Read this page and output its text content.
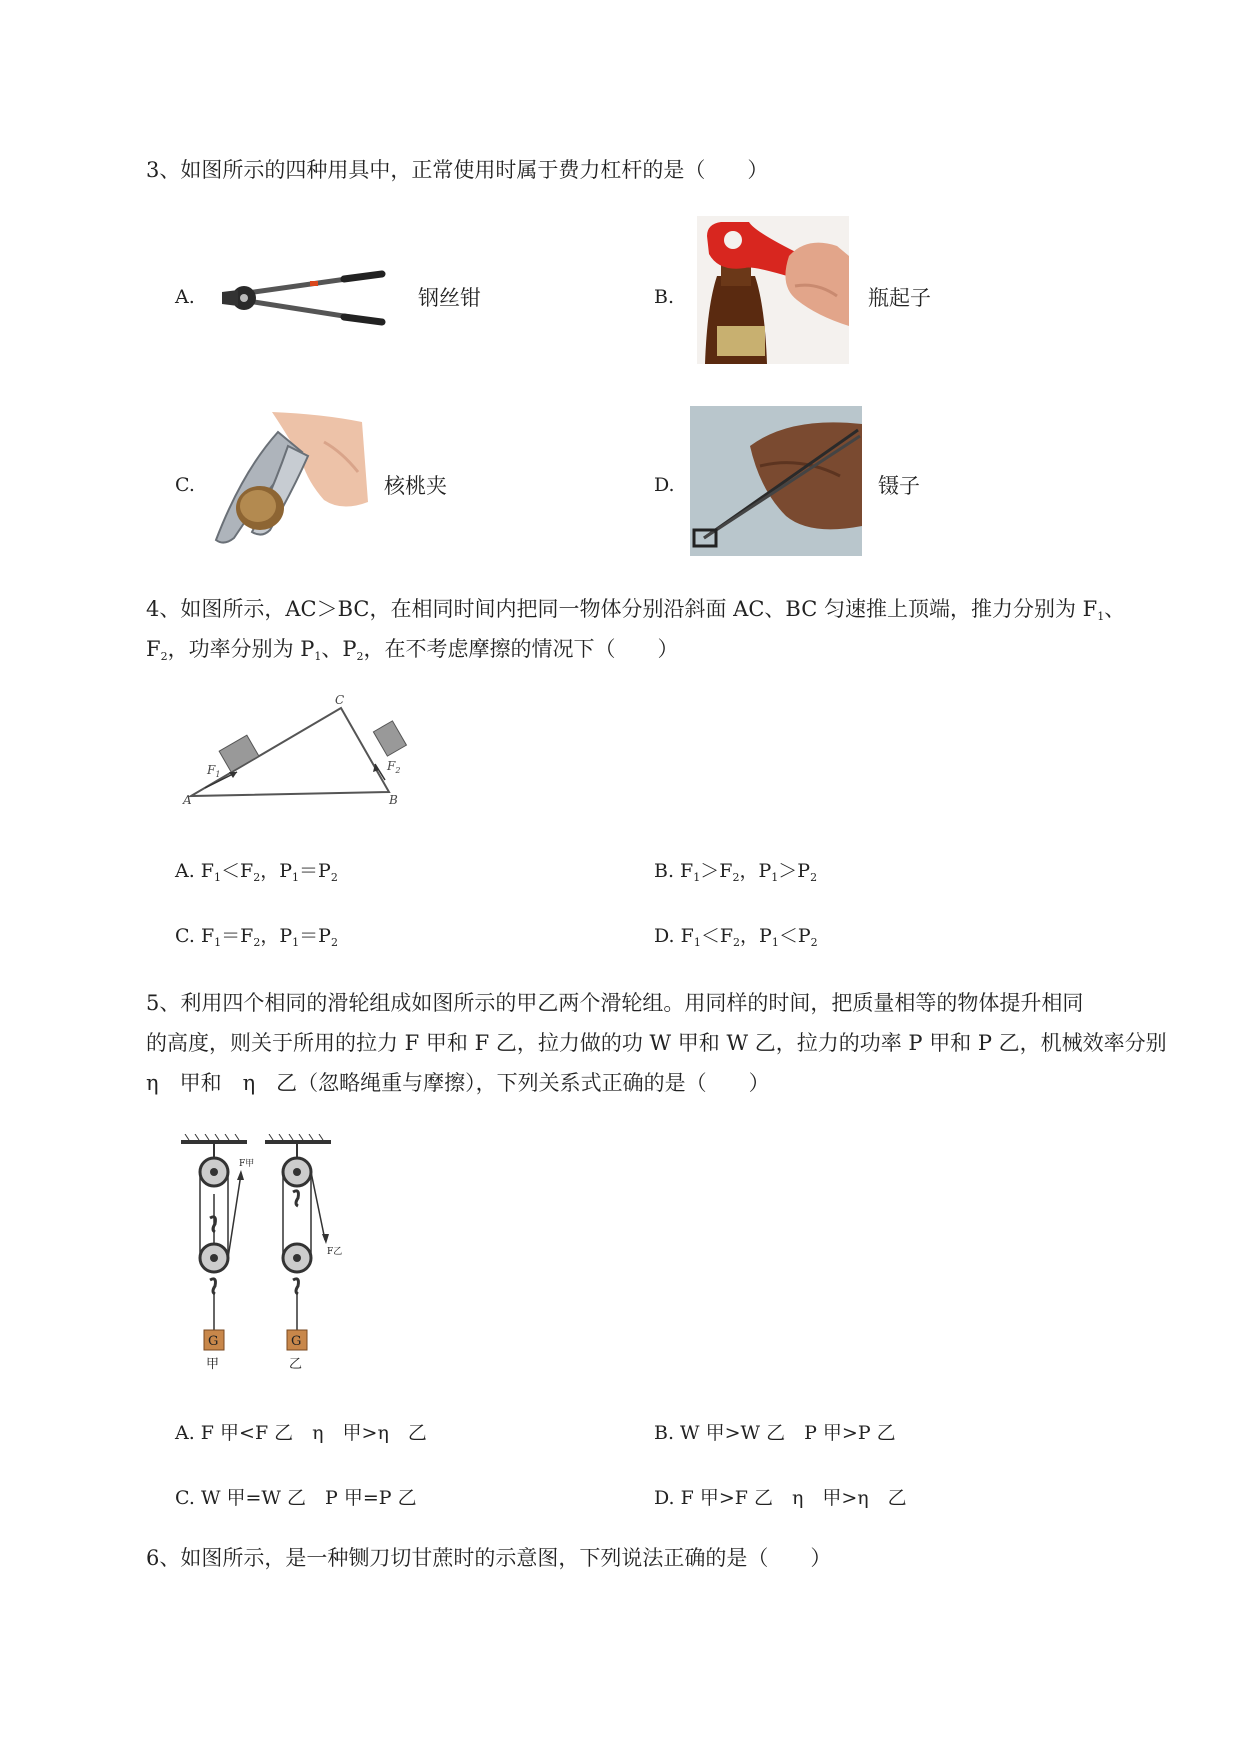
3、如图所示的四种用具中，正常使用时属于费力杠杆的是（　　）
A.	钢丝钳	B.	瓶起子
C.	核桃夹	D.	镊子
4、如图所示，AC＞BC，在相同时间内把同一物体分别沿斜面 AC、BC 匀速推上顶端，推力分别为 $F_1$、
$F_2$，功率分别为 $P_1$、$P_2$，在不考虑摩擦的情况下（　　）
A
C
B
$F_1$
$F_2$
A. $F_1<F_2$，$P_1=P_2$	B. $F_1>F_2$，$P_1>P_2$
C. $F_1=F_2$，$P_1=P_2$	D. $F_1<F_2$，$P_1<P_2$
5、利用四个相同的滑轮组成如图所示的甲乙两个滑轮组。用同样的时间，把质量相等的物体提升相同
的高度，则关于所用的拉力 F 甲和 F 乙，拉力做的功 W 甲和 W 乙，拉力的功率 P 甲和 P 乙，机械效率分别
η　甲和　η　乙（忽略绳重与摩擦），下列关系式正确的是（　　）
G
甲
F甲
G
乙
F乙
A. F 甲<F 乙　η　甲>η　乙	B. W 甲>W 乙　P 甲>P 乙
C. W 甲=W 乙　P 甲=P 乙	D. F 甲>F 乙　η　甲>η　乙
6、如图所示，是一种铡刀切甘蔗时的示意图，下列说法正确的是（　　）
